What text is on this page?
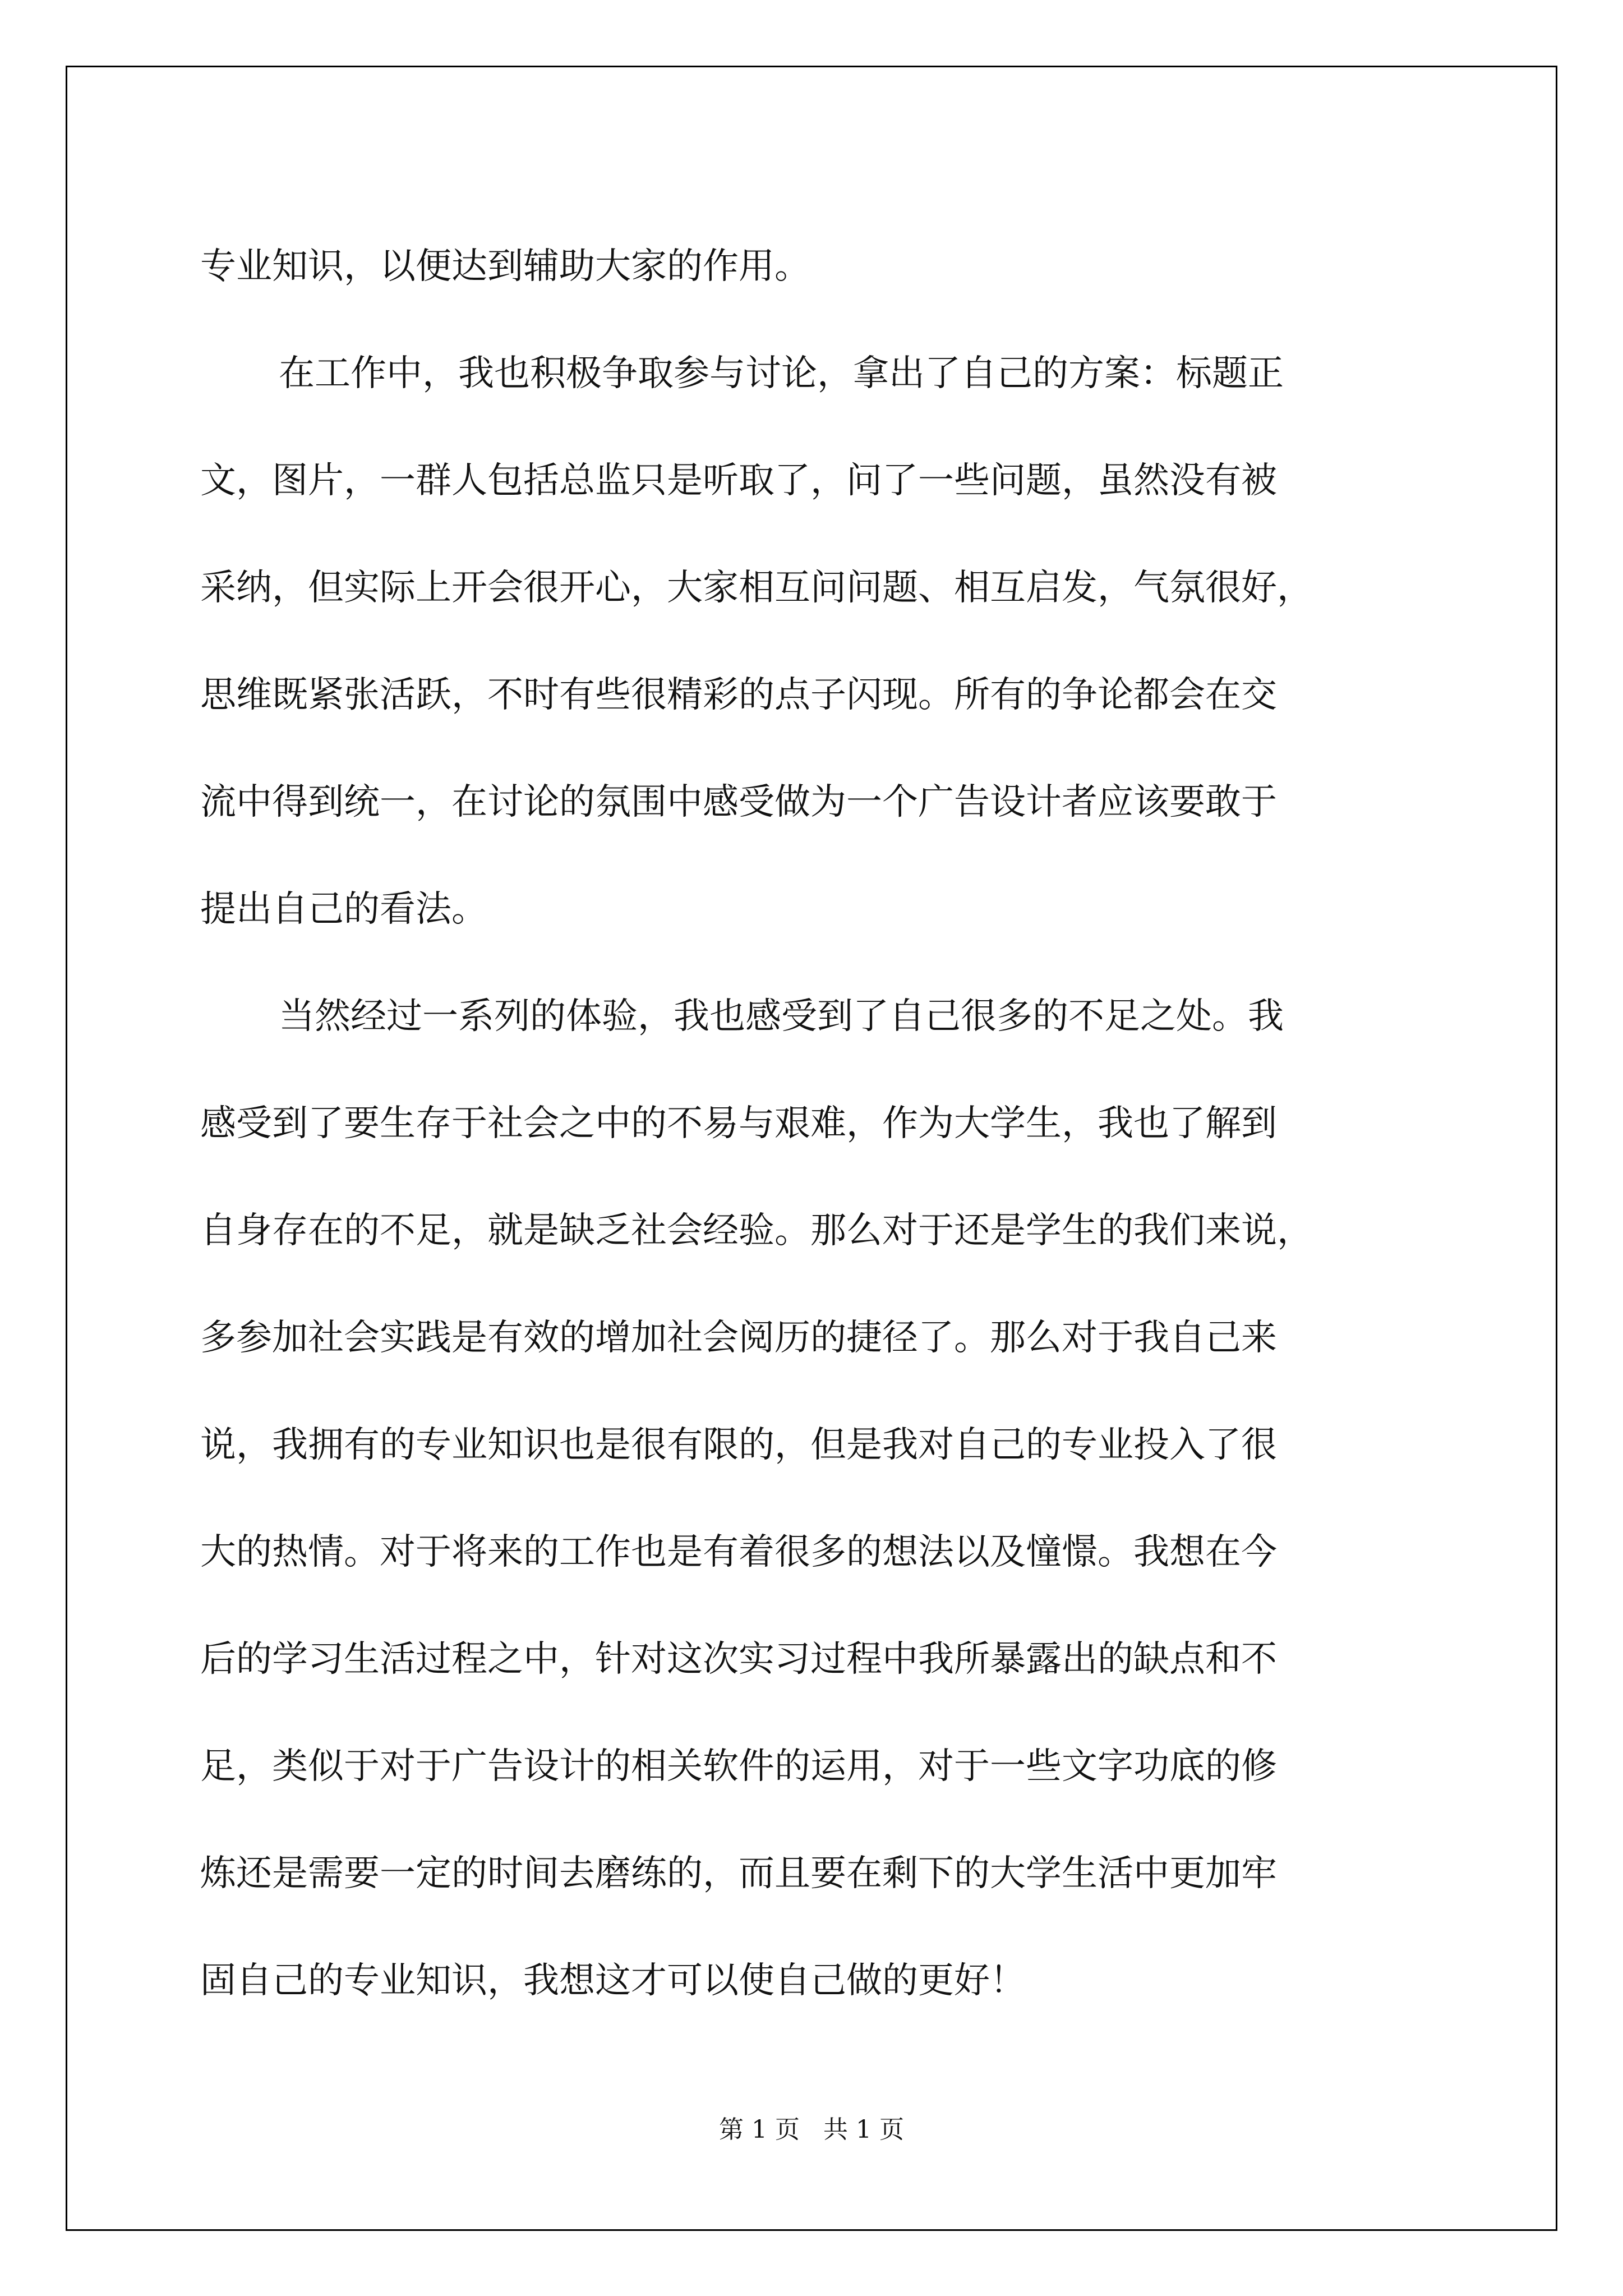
专业知识，以便达到辅助大家的作用。
在工作中，我也积极争取参与讨论，拿出了自己的方案：标题正
文，图片，一群人包括总监只是听取了，问了一些问题，虽然没有被
采纳，但实际上开会很开心，大家相互问问题、相互启发，气氛很好，
思维既紧张活跃，不时有些很精彩的点子闪现。所有的争论都会在交
流中得到统一，在讨论的氛围中感受做为一个广告设计者应该要敢于
提出自己的看法。
当然经过一系列的体验，我也感受到了自己很多的不足之处。我
感受到了要生存于社会之中的不易与艰难，作为大学生，我也了解到
自身存在的不足，就是缺乏社会经验。那么对于还是学生的我们来说，
多参加社会实践是有效的增加社会阅历的捷径了。那么对于我自己来
说，我拥有的专业知识也是很有限的，但是我对自己的专业投入了很
大的热情。对于将来的工作也是有着很多的想法以及憧憬。我想在今
后的学习生活过程之中，针对这次实习过程中我所暴露出的缺点和不
足，类似于对于广告设计的相关软件的运用，对于一些文字功底的修
炼还是需要一定的时间去磨练的，而且要在剩下的大学生活中更加牢
固自己的专业知识，我想这才可以使自己做的更好！
第 1 页   共 1 页
